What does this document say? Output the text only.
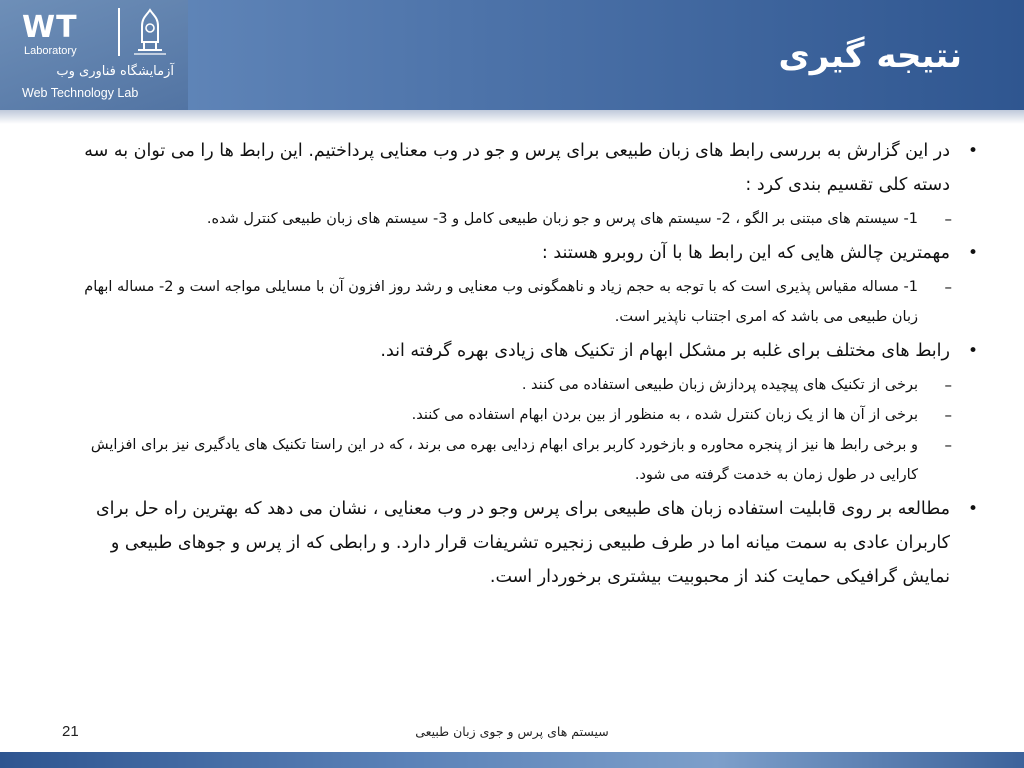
WT
Laboratory
آزمایشگاه فناوری وب
Web Technology Lab
نتیجه گیری
•
در این گزارش به بررسی رابط های زبان طبیعی برای پرس و جو در وب معنایی پرداختیم. این رابط ها را می توان به سه دسته کلی تقسیم بندی کرد :
–
1- سیستم های مبتنی بر الگو ، 2- سیستم های پرس و جو زبان طبیعی کامل و 3- سیستم های زبان طبیعی کنترل شده.
•
مهمترین چالش هایی که این رابط ها با آن روبرو هستند :
–
1- مساله مقیاس پذیری است که با توجه به حجم زیاد و ناهمگونی وب معنایی و رشد روز افزون آن با مسایلی مواجه است و 2- مساله ابهام زبان طبیعی می باشد که امری اجتناب ناپذیر است.
•
رابط های مختلف برای غلبه بر مشکل ابهام از تکنیک های زیادی بهره گرفته اند.
–
برخی از تکنیک های پیچیده پردازش زبان طبیعی استفاده می کنند .
–
برخی از آن ها از یک زبان کنترل شده ، به منظور از بین بردن ابهام استفاده می کنند.
–
و برخی رابط ها نیز از پنجره محاوره و بازخورد کاربر برای ابهام زدایی بهره می برند ، که در این راستا تکنیک های یادگیری نیز برای افزایش کارایی در طول زمان به خدمت گرفته می شود.
•
مطالعه بر روی قابلیت استفاده زبان های طبیعی برای پرس وجو در وب معنایی ، نشان می دهد که بهترین راه حل برای کاربران عادی به سمت میانه اما در طرف طبیعی زنجیره تشریفات قرار دارد. و رابطی که از پرس و جوهای طبیعی و نمایش گرافیکی حمایت کند از محبوبیت بیشتری برخوردار است.
21	سیستم های پرس و جوی زبان طبیعی
